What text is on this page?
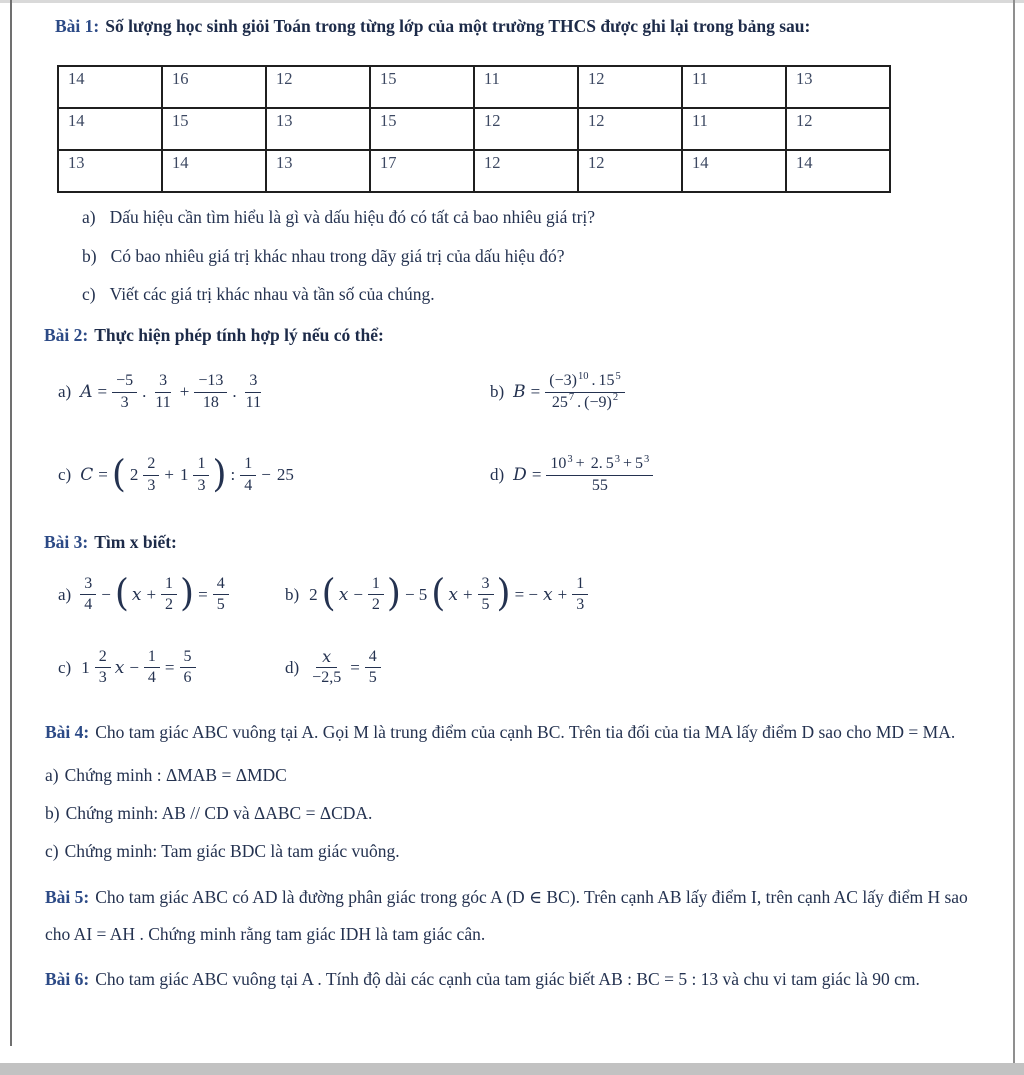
Bài 1: Số lượng học sinh giỏi Toán trong từng lớp của một trường THCS được ghi lại trong bảng sau:

14	16	12	15	11	12	11	13
14	15	13	15	12	12	11	12
13	14	13	17	12	12	14	14
a) Dấu hiệu cần tìm hiểu là gì và dấu hiệu đó có tất cả bao nhiêu giá trị?
b) Có bao nhiêu giá trị khác nhau trong dãy giá trị của dấu hiệu đó?
c) Viết các giá trị khác nhau và tần số của chúng.

Bài 2: Thực hiện phép tính hợp lý nếu có thể:

a) $A = \frac{-5}{3}$ . $\frac{3}{11} + \frac{-13}{18}$ . $\frac{3}{11}$	b) $B = \frac{(-3)^{10} . 15^5}{25^7 . (-9)^2}$
c) C = ( $2 \frac{2}{3} + 1 \frac{1}{3}$ ) : $\frac{1}{4} - 25$	d) $D = \frac{10^3 + 2. 5^3 + 5^3}{55}$

Bài 3: Tìm x biết:

$a) \frac{3}{4}$ − ( $x + \frac{1}{2}$ ) = $\frac{4}{5}$	b) 2 ( $x - \frac{1}{2}$ ) − 5 ( $x + \frac{3}{5}$ ) = − $x + \frac{1}{3}$
c) $1 \frac{2}{3}$ $x - \frac{1}{4} = \frac{5}{6}$	$d) \frac{x}{-2,5} = \frac{4}{5}$

Bài 4: Cho tam giác ABC vuông tại A. Gọi M là trung điểm của cạnh BC. Trên tia đối của tia MA lấy điểm D sao cho MD = MA.

a) Chứng minh : ΔMAB = ΔMDC
b) Chứng minh: AB // CD và ΔABC = ΔCDA.
c) Chứng minh: Tam giác BDC là tam giác vuông.

Bài 5: Cho tam giác ABC có AD là đường phân giác trong góc A (D ∈ BC). Trên cạnh AB lấy điểm I, trên cạnh AC lấy điểm H sao cho AI = AH . Chứng minh rằng tam giác IDH là tam giác cân.

Bài 6: Cho tam giác ABC vuông tại A . Tính độ dài các cạnh của tam giác biết AB : BC = 5 : 13 và chu vi tam giác là 90 cm.
